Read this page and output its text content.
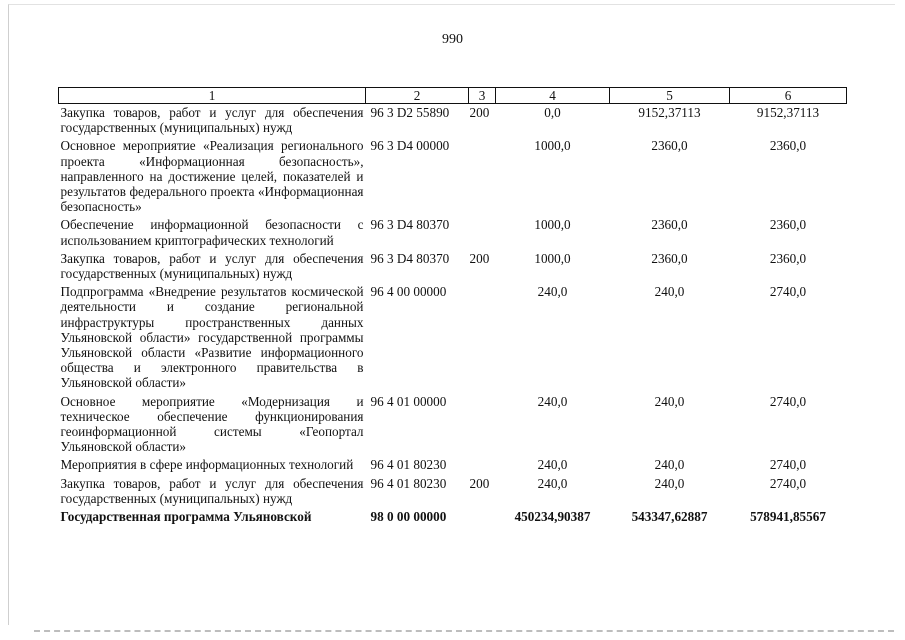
990
1	2	3	4	5	6
Закупка товаров, работ и услуг для обеспечения государственных (муниципальных) нужд	96 3 D2 55890	200	0,0	9152,37113	9152,37113
Основное мероприятие «Реализация регионального проекта «Информационная безопасность», направленного на достижение целей, показателей и результатов федерального проекта «Информационная безопасность»	96 3 D4 00000		1000,0	2360,0	2360,0
Обеспечение информационной безопасности с использованием криптографических технологий	96 3 D4 80370		1000,0	2360,0	2360,0
Закупка товаров, работ и услуг для обеспечения государственных (муниципальных) нужд	96 3 D4 80370	200	1000,0	2360,0	2360,0
Подпрограмма «Внедрение результатов космической деятельности и создание региональной инфраструктуры пространственных данных Ульяновской области» государственной программы Ульяновской области «Развитие информационного общества и электронного правительства в Ульяновской области»	96 4 00 00000		240,0	240,0	2740,0
Основное мероприятие «Модернизация и техническое обеспечение функционирования геоинформационной системы «Геопортал Ульяновской области»	96 4 01 00000		240,0	240,0	2740,0
Мероприятия в сфере информационных технологий	96 4 01 80230		240,0	240,0	2740,0
Закупка товаров, работ и услуг для обеспечения государственных (муниципальных) нужд	96 4 01 80230	200	240,0	240,0	2740,0
Государственная программа Ульяновской	98 0 00 00000		450234,90387	543347,62887	578941,85567
